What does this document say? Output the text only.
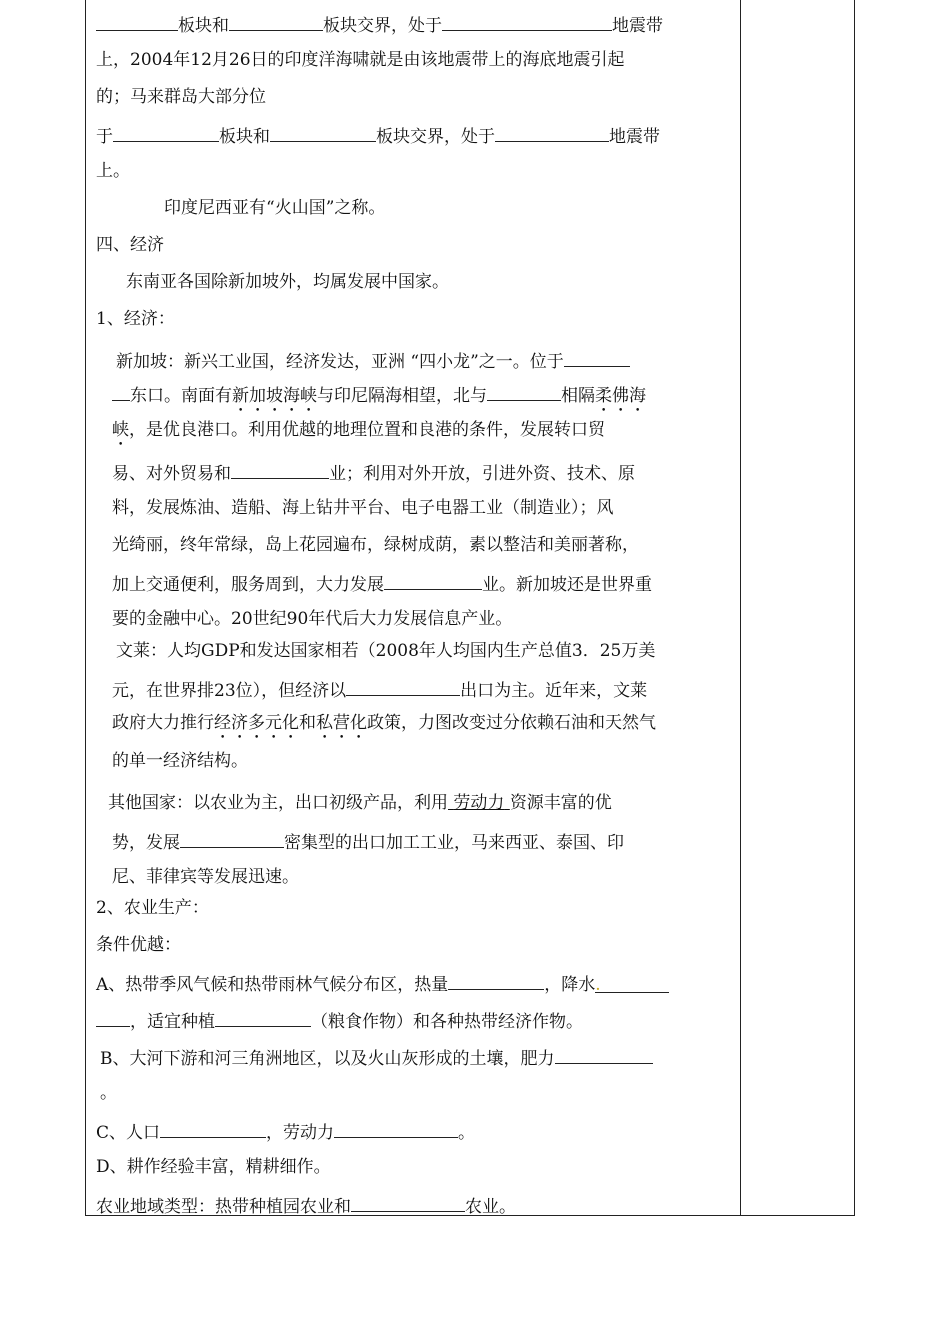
板块和	板块交界，处于	地震带
上，2004年12月26日的印度洋海啸就是由该地震带上的海底地震引起
的；马来群岛大部分位
于	板块和	板块交界，处于	地震带
上。
印度尼西亚有“火山国”之称。
四、经济
东南亚各国除新加坡外，均属发展中国家。
1、经济：
新加坡：新兴工业国，经济发达，亚洲 “四小龙”之一。位于
东口。南面有新加坡海峡与印尼隔海相望，北与	相隔柔佛海
峡，是优良港口。利用优越的地理位置和良港的条件，发展转口贸
易、对外贸易和	业；利用对外开放，引进外资、技术、原
料，发展炼油、造船、海上钻井平台、电子电器工业（制造业）；风
光绮丽，终年常绿，岛上花园遍布，绿树成荫，素以整洁和美丽著称，
加上交通便利，服务周到，大力发展	业。新加坡还是世界重
要的金融中心。20世纪90年代后大力发展信息产业。
文莱：人均GDP和发达国家相若（2008年人均国内生产总值3．25万美
元，在世界排23位），但经济以	出口为主。近年来，文莱
政府大力推行经济多元化和私营化政策，力图改变过分依赖石油和天然气
的单一经济结构。
其他国家：以农业为主，出口初级产品，利用 劳动力 资源丰富的优
势，发展	密集型的出口加工工业，马来西亚、泰国、印
尼、菲律宾等发展迅速。
2、农业生产：
条件优越：
A、热带季风气候和热带雨林气候分布区，热量	，降水.
，适宜种植	（粮食作物）和各种热带经济作物。
B、大河下游和河三角洲地区，以及火山灰形成的土壤，肥力
。
C、人口	，劳动力	。
D、耕作经验丰富，精耕细作。
农业地域类型：热带种植园农业和	农业。
